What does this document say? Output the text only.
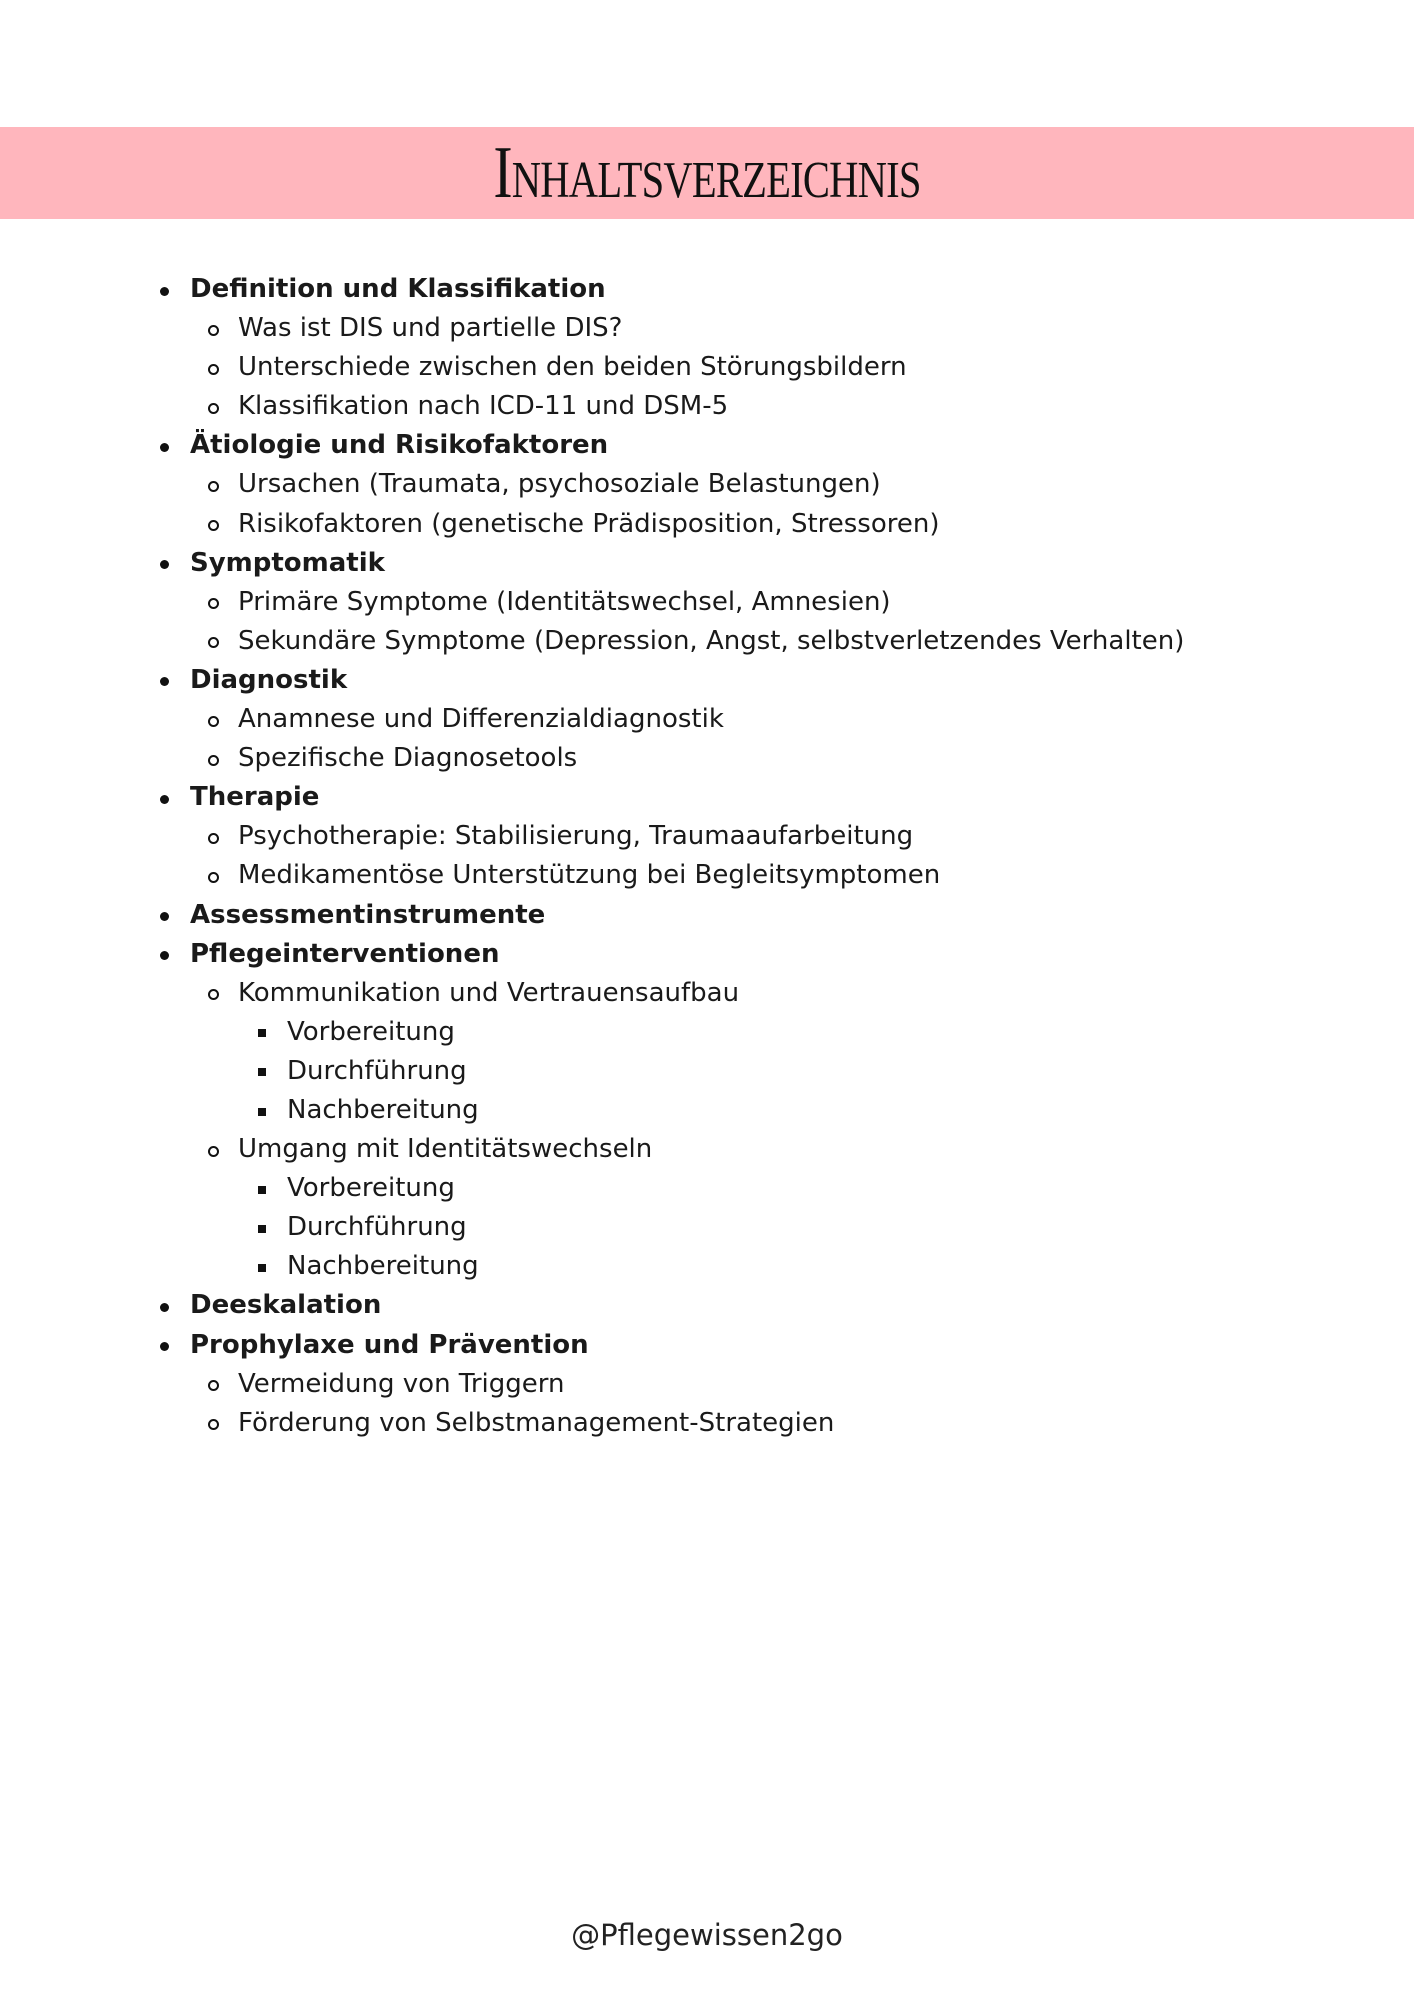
Inhaltsverzeichnis
Definition und Klassifikation
Was ist DIS und partielle DIS?
Unterschiede zwischen den beiden Störungsbildern
Klassifikation nach ICD-11 und DSM-5
Ätiologie und Risikofaktoren
Ursachen (Traumata, psychosoziale Belastungen)
Risikofaktoren (genetische Prädisposition, Stressoren)
Symptomatik
Primäre Symptome (Identitätswechsel, Amnesien)
Sekundäre Symptome (Depression, Angst, selbstverletzendes Verhalten)
Diagnostik
Anamnese und Differenzialdiagnostik
Spezifische Diagnosetools
Therapie
Psychotherapie: Stabilisierung, Traumaaufarbeitung
Medikamentöse Unterstützung bei Begleitsymptomen
Assessmentinstrumente
Pflegeinterventionen
Kommunikation und Vertrauensaufbau
Vorbereitung
Durchführung
Nachbereitung
Umgang mit Identitätswechseln
Vorbereitung
Durchführung
Nachbereitung
Deeskalation
Prophylaxe und Prävention
Vermeidung von Triggern
Förderung von Selbstmanagement-Strategien
@Pflegewissen2go
